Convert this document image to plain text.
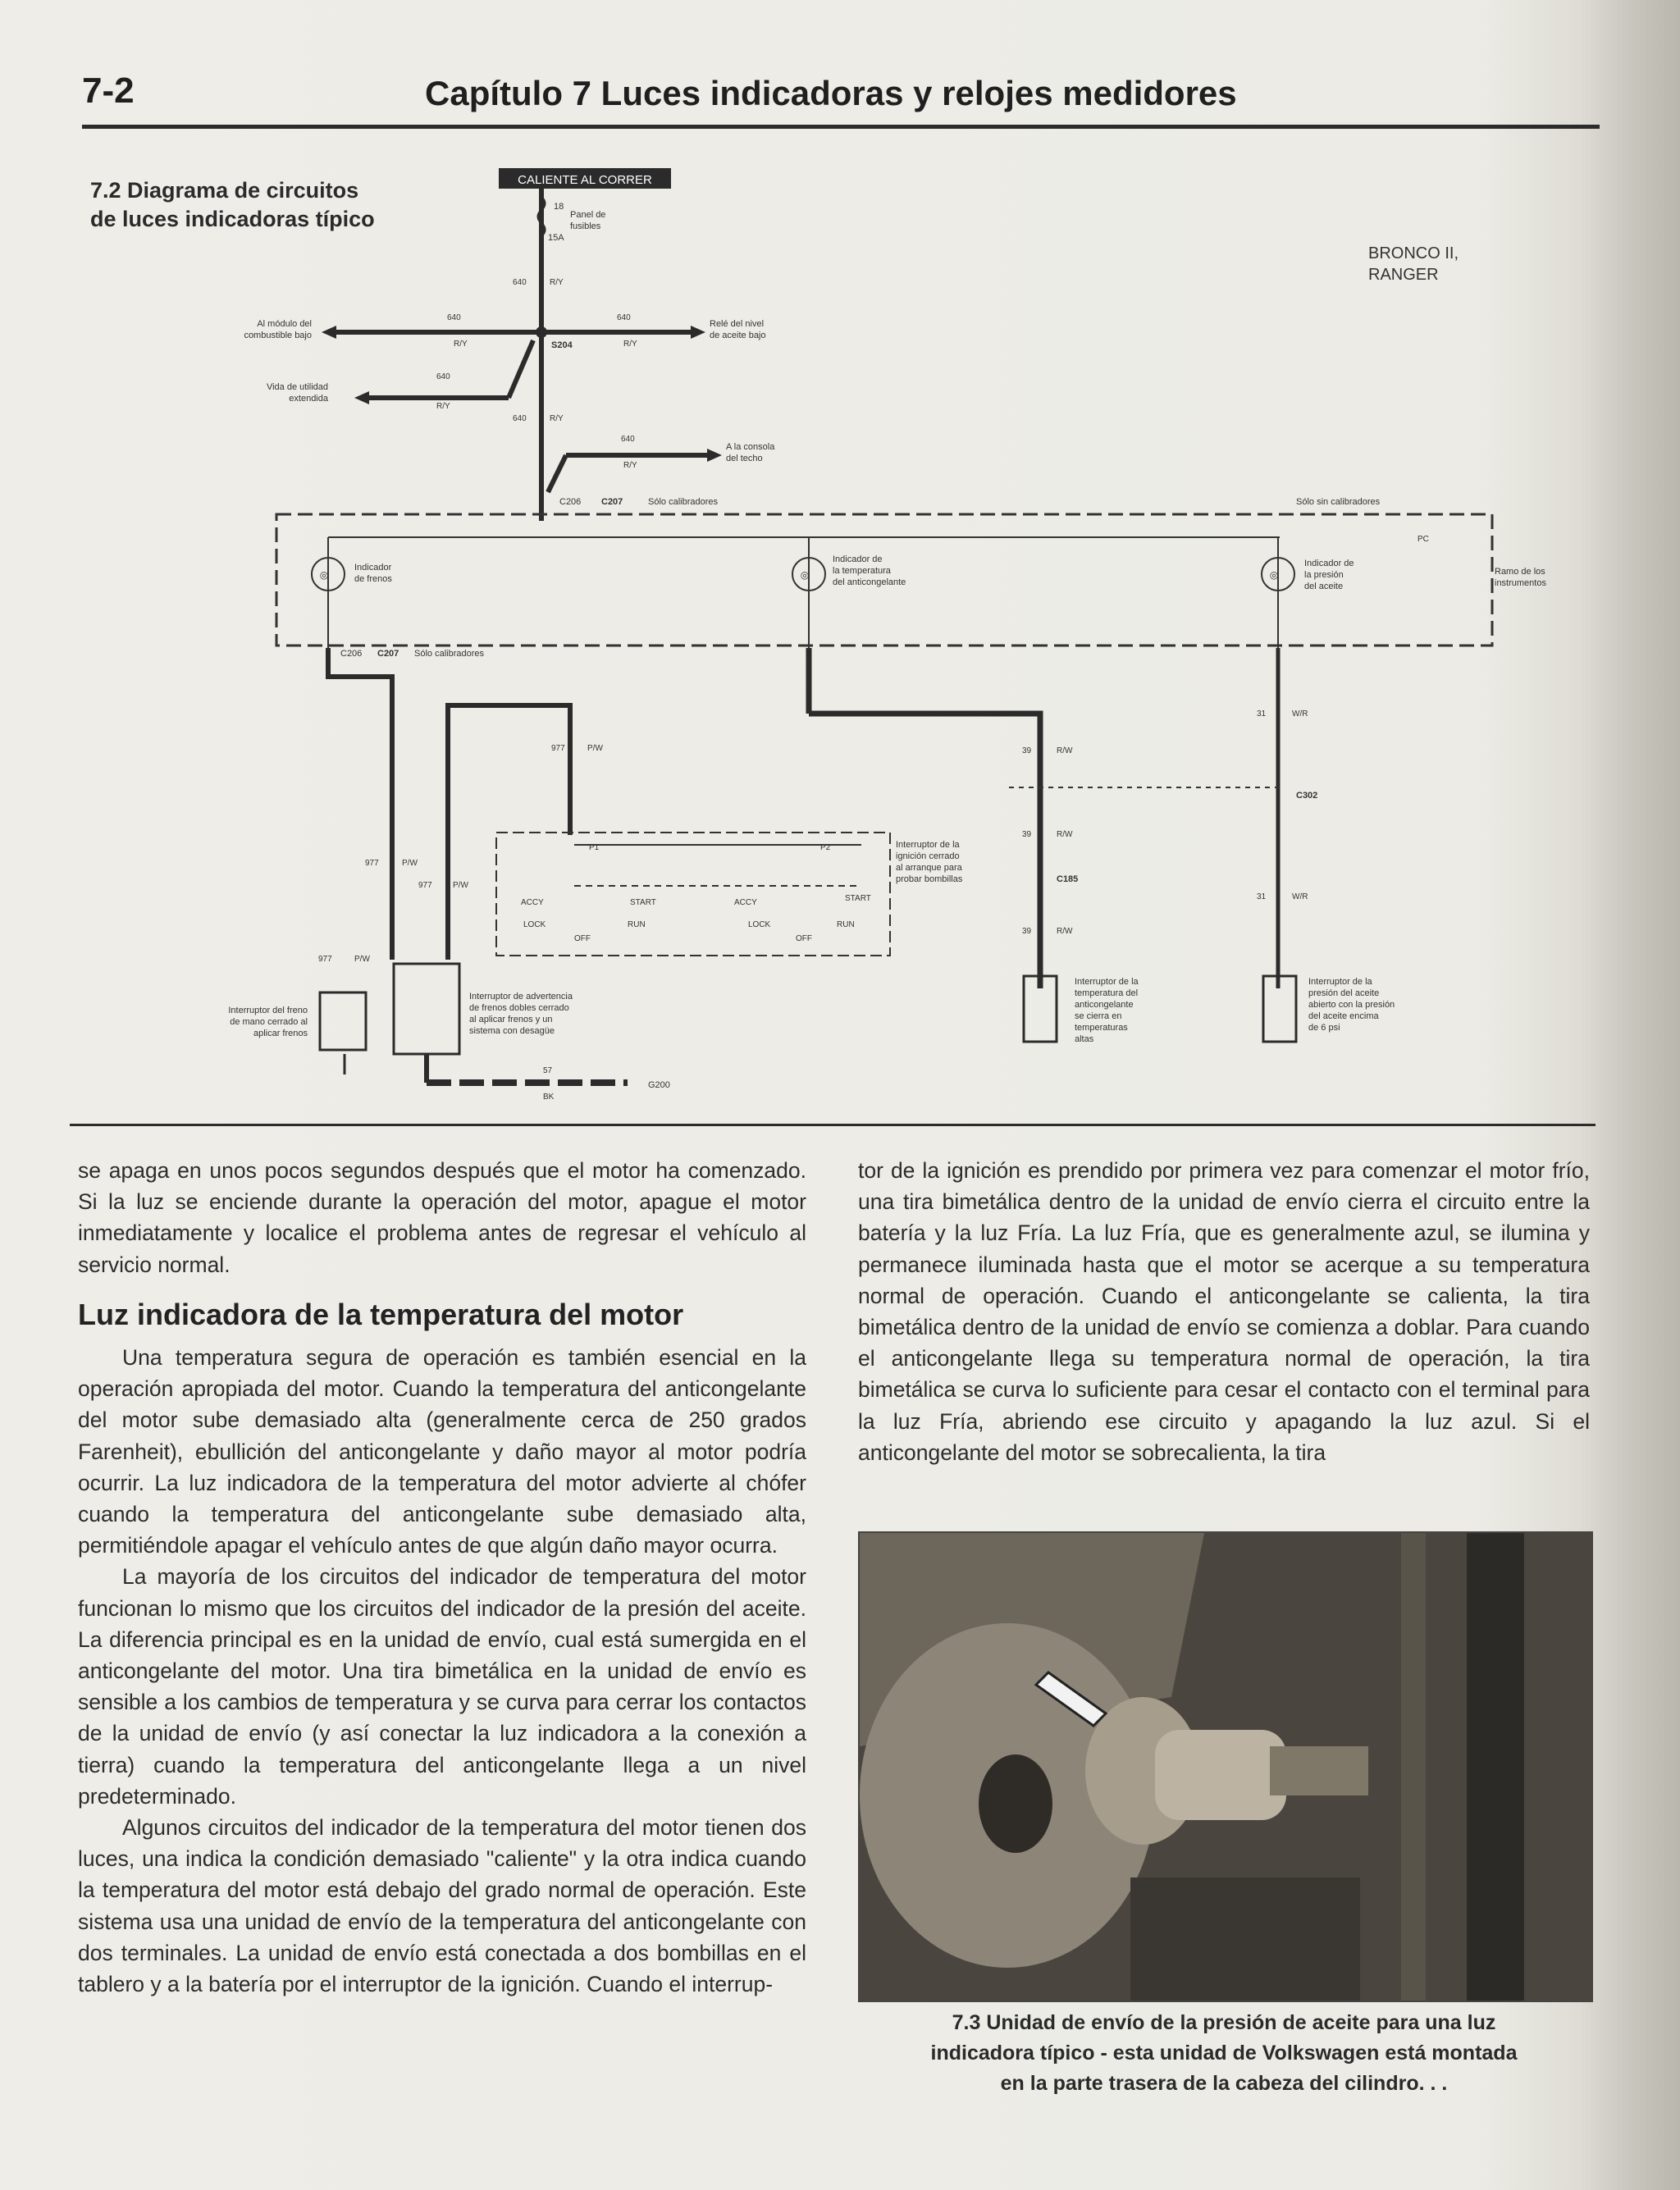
7-2	Capítulo 7 Luces indicadoras y relojes medidores
7.2 Diagrama de circuitos
de luces indicadoras típico
CALIENTE AL CORRER
18
15A
Panel de
fusibles
BRONCO II,
RANGER
640	R/Y
640
R/Y
640
R/Y
S204
Al módulo del
combustible bajo
Relé del nivel
de aceite bajo
640
R/Y
Vida de utilidad
extendida
640	R/Y
640
R/Y
A la consola
del techo
C206 C207	Sólo calibradores	Sólo sin calibradores
PC
◎	◎	◎
Indicador
de frenos
Indicador de
la temperatura
del anticongelante
Indicador de
la presión
del aceite
Ramo de los
instrumentos
C206 C207 Sólo calibradores
977	P/W
977	P/W
977	P/W
977	P/W
39	R/W
39	R/W
C185
39	R/W
31	W/R
C302
31	W/R
Interruptor de la
ignición cerrado
al arranque para
probar bombillas
P1	P2
ACCY	START
LOCK	RUN
OFF
ACCY	START
LOCK	RUN
OFF
Interruptor del freno
de mano cerrado al
aplicar frenos
Interruptor de advertencia
de frenos dobles cerrado
al aplicar frenos y un
sistema con desagüe
Interruptor de la
temperatura del
anticongelante
se cierra en
temperaturas
altas
Interruptor de la
presión del aceite
abierto con la presión
del aceite encima
de 6 psi
57
BK
G200

se apaga en unos pocos segundos después que el motor ha comenzado. Si la luz se enciende durante la operación del motor, apague el motor inmediatamente y localice el problema antes de regresar el vehículo al servicio normal.

Luz indicadora de la temperatura del motor

Una temperatura segura de operación es también esencial en la operación apropiada del motor. Cuando la temperatura del anticongelante del motor sube demasiado alta (generalmente cerca de 250 grados Farenheit), ebullición del anticongelante y daño mayor al motor podría ocurrir. La luz indicadora de la temperatura del motor advierte al chófer cuando la temperatura del anticongelante sube demasiado alta, permitiéndole apagar el vehículo antes de que algún daño mayor ocurra.

La mayoría de los circuitos del indicador de temperatura del motor funcionan lo mismo que los circuitos del indicador de la presión del aceite. La diferencia principal es en la unidad de envío, cual está sumergida en el anticongelante del motor. Una tira bimetálica en la unidad de envío es sensible a los cambios de temperatura y se curva para cerrar los contactos de la unidad de envío (y así conectar la luz indicadora a la conexión a tierra) cuando la temperatura del anticongelante llega a un nivel predeterminado.

Algunos circuitos del indicador de la temperatura del motor tienen dos luces, una indica la condición demasiado "caliente" y la otra indica cuando la temperatura del motor está debajo del grado normal de operación. Este sistema usa una unidad de envío de la temperatura del anticongelante con dos terminales. La unidad de envío está conectada a dos bombillas en el tablero y a la batería por el interruptor de la ignición. Cuando el interrup-

tor de la ignición es prendido por primera vez para comenzar el motor frío, una tira bimetálica dentro de la unidad de envío cierra el circuito entre la batería y la luz Fría. La luz Fría, que es generalmente azul, se ilumina y permanece iluminada hasta que el motor se acerque a su temperatura normal de operación. Cuando el anticongelante se calienta, la tira bimetálica dentro de la unidad de envío se comienza a doblar. Para cuando el anticongelante llega su temperatura normal de operación, la tira bimetálica se curva lo suficiente para cesar el contacto con el terminal para la luz Fría, abriendo ese circuito y apagando la luz azul. Si el anticongelante del motor se sobrecalienta, la tira

7.3 Unidad de envío de la presión de aceite para una luz
indicadora típico - esta unidad de Volkswagen está montada
en la parte trasera de la cabeza del cilindro. . .
